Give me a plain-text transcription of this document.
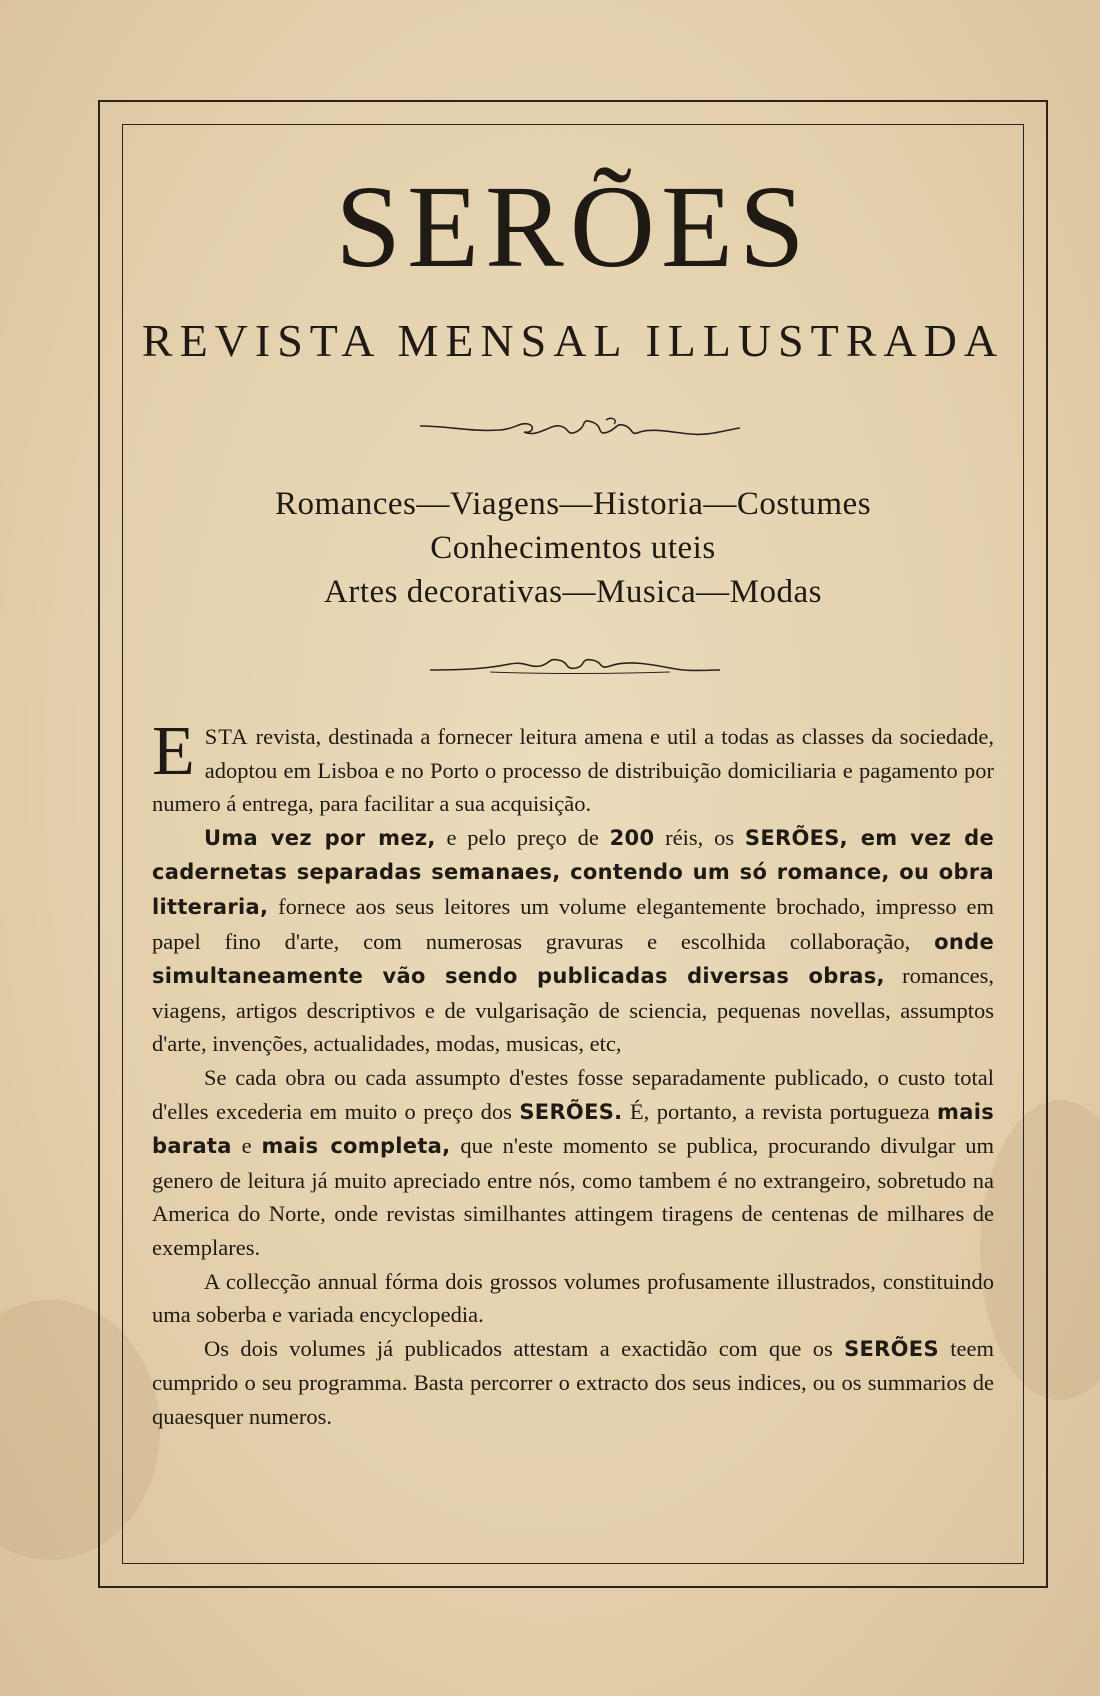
SERÕES
REVISTA MENSAL ILLUSTRADA
Romances—Viagens—Historia—Costumes
Conhecimentos uteis
Artes decorativas—Musica—Modas

ESTA revista, destinada a fornecer leitura amena e util a todas as classes da sociedade, adoptou em Lisboa e no Porto o processo de distribuição domiciliaria e pagamento por numero á entrega, para facilitar a sua acquisição.

Uma vez por mez, e pelo preço de 200 réis, os SERÕES, em vez de cadernetas separadas semanaes, contendo um só romance, ou obra litteraria, fornece aos seus leitores um volume elegantemente brochado, impresso em papel fino d'arte, com numerosas gravuras e escolhida collaboração, onde simultaneamente vão sendo publicadas diversas obras, romances, viagens, artigos descriptivos e de vulgarisação de sciencia, pequenas novellas, assumptos d'arte, invenções, actualidades, modas, musicas, etc,

Se cada obra ou cada assumpto d'estes fosse separadamente publicado, o custo total d'elles excederia em muito o preço dos SERÕES. É, portanto, a revista portugueza mais barata e mais completa, que n'este momento se publica, procurando divulgar um genero de leitura já muito apreciado entre nós, como tambem é no extrangeiro, sobretudo na America do Norte, onde revistas similhantes attingem tiragens de centenas de milhares de exemplares.

A collecção annual fórma dois grossos volumes profusamente illustrados, constituindo uma soberba e variada encyclopedia.

Os dois volumes já publicados attestam a exactidão com que os SERÕES teem cumprido o seu programma. Basta percorrer o extracto dos seus indices, ou os summarios de quaesquer numeros.
